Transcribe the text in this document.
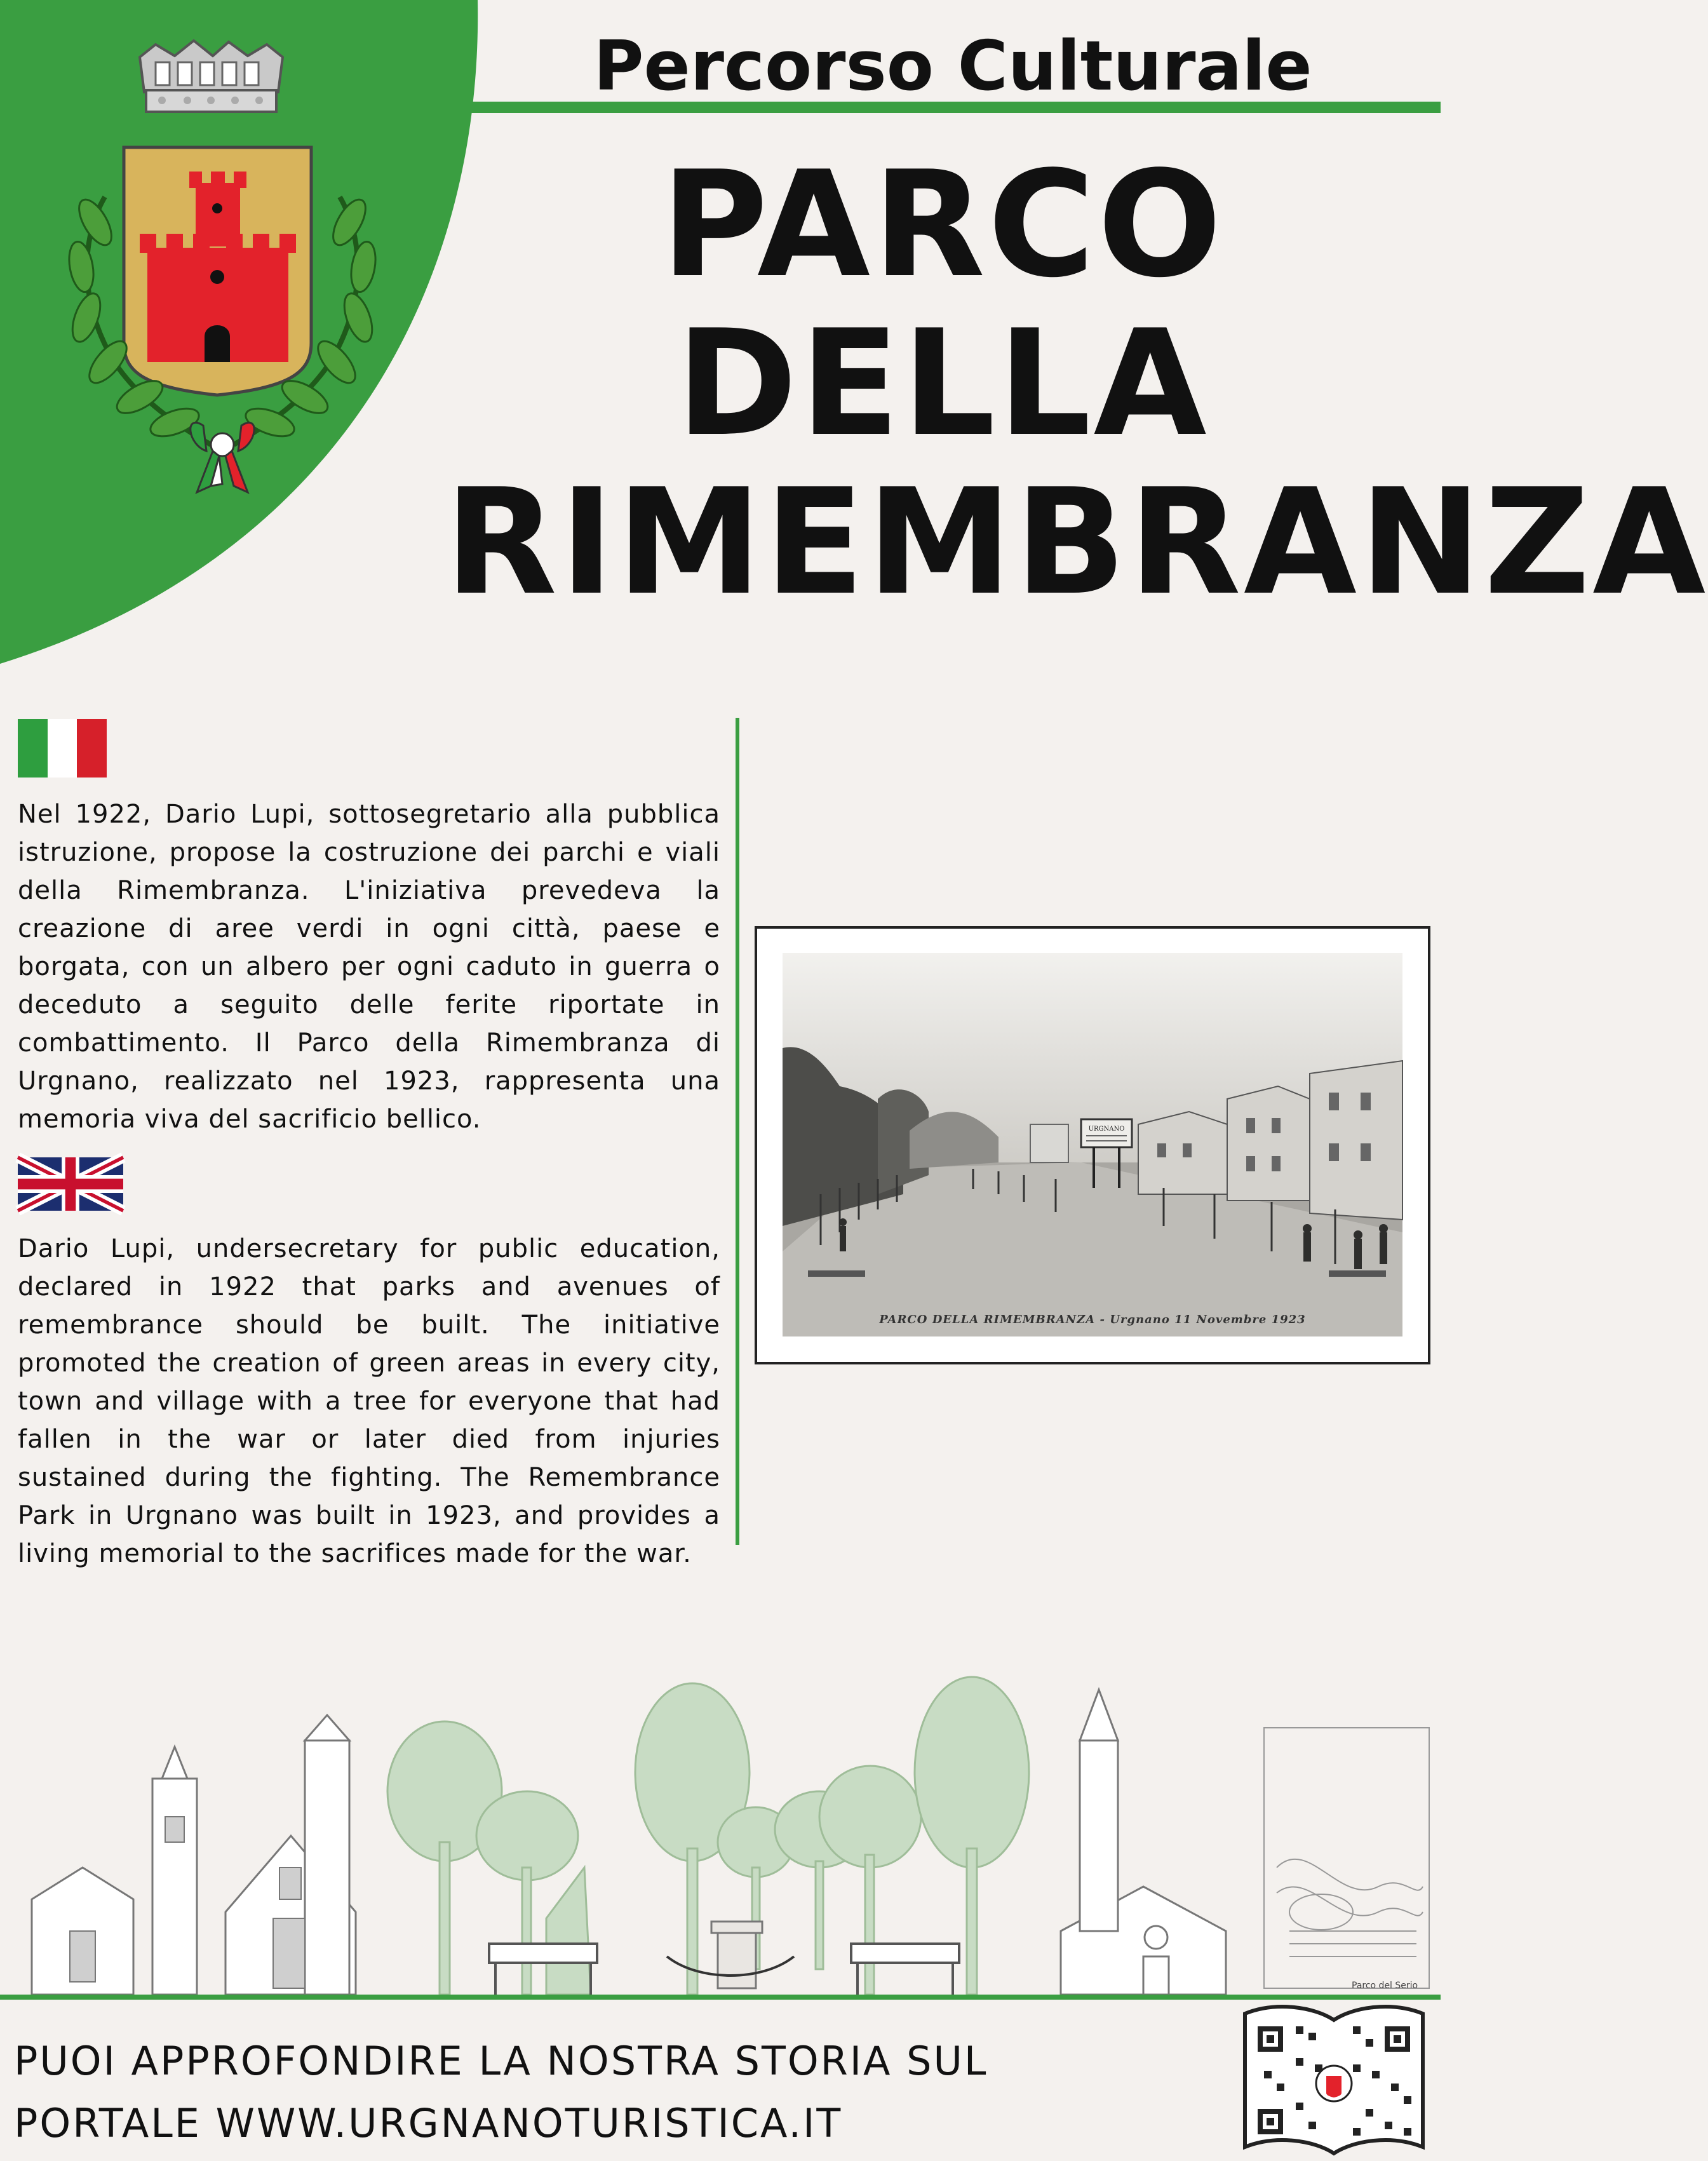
Percorso Culturale
PARCO DELLA
RIMEMBRANZA
Nel 1922, Dario Lupi, sottosegretario alla pubblica istruzione, propose la costruzione dei parchi e viali della Rimembranza. L'iniziativa prevedeva la creazione di aree verdi in ogni città, paese e borgata, con un albero per ogni caduto in guerra o deceduto a seguito delle ferite riportate in combattimento. Il Parco della Rimembranza di Urgnano, realizzato nel 1923, rappresenta una memoria viva del sacrificio bellico.
Dario Lupi, undersecretary for public education, declared in 1922 that parks and avenues of remembrance should be built. The initiative promoted the creation of green areas in every city, town and village with a tree for everyone that had fallen in the war or later died from injuries sustained during the fighting. The Remembrance Park in Urgnano was built in 1923, and provides a living memorial to the sacrifices made for the war.
URGNANO
PARCO DELLA RIMEMBRANZA - Urgnano 11 Novembre 1923
Parco del Serio
PUOI APPROFONDIRE LA NOSTRA STORIA SUL
PORTALE WWW.URGNANOTURISTICA.IT
